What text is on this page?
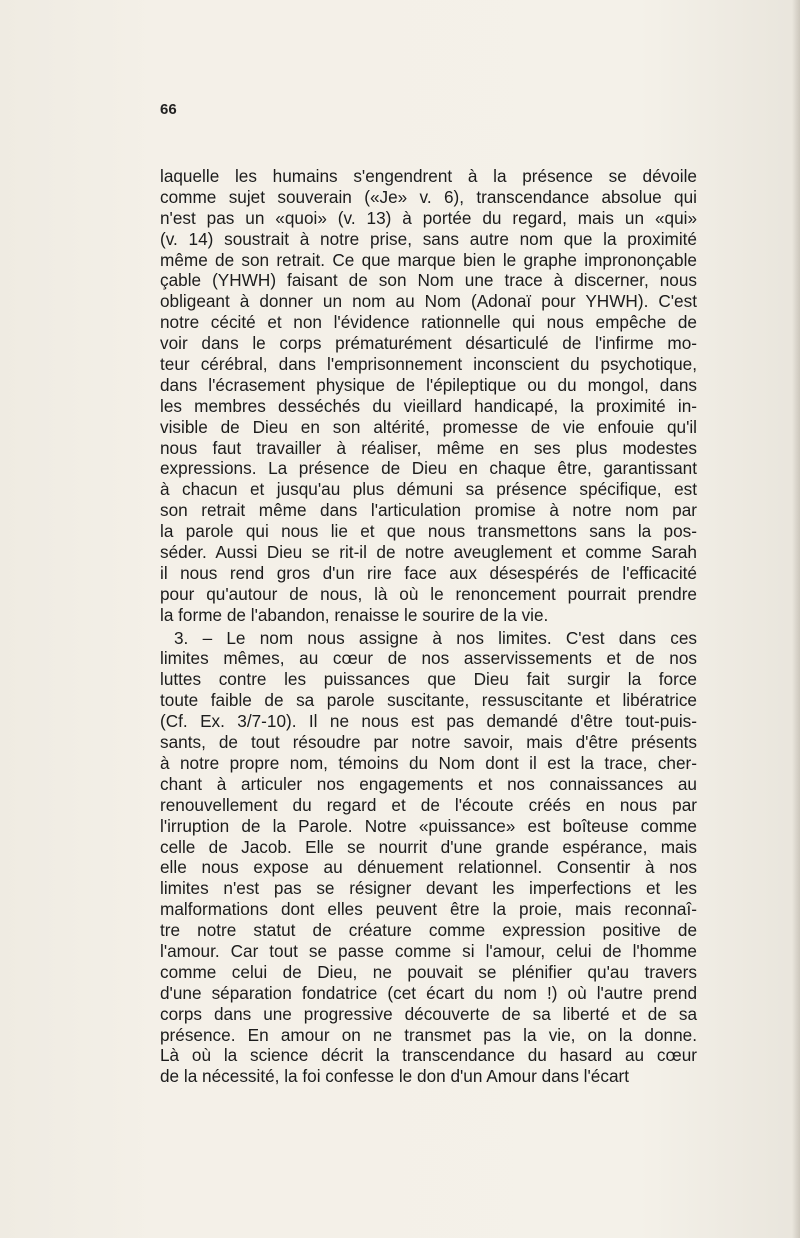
66

laquelle les humains s'engendrent à la présence se dévoile
comme sujet souverain («Je» v. 6), transcendance absolue qui
n'est pas un «quoi» (v. 13) à portée du regard, mais un «qui»
(v. 14) soustrait à notre prise, sans autre nom que la proximité
même de son retrait. Ce que marque bien le graphe imprononçable
çable (YHWH) faisant de son Nom une trace à discerner, nous
obligeant à donner un nom au Nom (Adonaï pour YHWH). C'est
notre cécité et non l'évidence rationnelle qui nous empêche de
voir dans le corps prématurément désarticulé de l'infirme mo-
teur cérébral, dans l'emprisonnement inconscient du psychotique,
dans l'écrasement physique de l'épileptique ou du mongol, dans
les membres desséchés du vieillard handicapé, la proximité in-
visible de Dieu en son altérité, promesse de vie enfouie qu'il
nous faut travailler à réaliser, même en ses plus modestes
expressions. La présence de Dieu en chaque être, garantissant
à chacun et jusqu'au plus démuni sa présence spécifique, est
son retrait même dans l'articulation promise à notre nom par
la parole qui nous lie et que nous transmettons sans la pos-
séder. Aussi Dieu se rit-il de notre aveuglement et comme Sarah
il nous rend gros d'un rire face aux désespérés de l'efficacité
pour qu'autour de nous, là où le renoncement pourrait prendre
la forme de l'abandon, renaisse le sourire de la vie.
3. – Le nom nous assigne à nos limites. C'est dans ces
limites mêmes, au cœur de nos asservissements et de nos
luttes contre les puissances que Dieu fait surgir la force
toute faible de sa parole suscitante, ressuscitante et libératrice
(Cf. Ex. 3/7-10). Il ne nous est pas demandé d'être tout-puis-
sants, de tout résoudre par notre savoir, mais d'être présents
à notre propre nom, témoins du Nom dont il est la trace, cher-
chant à articuler nos engagements et nos connaissances au
renouvellement du regard et de l'écoute créés en nous par
l'irruption de la Parole. Notre «puissance» est boîteuse comme
celle de Jacob. Elle se nourrit d'une grande espérance, mais
elle nous expose au dénuement relationnel. Consentir à nos
limites n'est pas se résigner devant les imperfections et les
malformations dont elles peuvent être la proie, mais reconnaî-
tre notre statut de créature comme expression positive de
l'amour. Car tout se passe comme si l'amour, celui de l'homme
comme celui de Dieu, ne pouvait se plénifier qu'au travers
d'une séparation fondatrice (cet écart du nom !) où l'autre prend
corps dans une progressive découverte de sa liberté et de sa
présence. En amour on ne transmet pas la vie, on la donne.
Là où la science décrit la transcendance du hasard au cœur
de la nécessité, la foi confesse le don d'un Amour dans l'écart
